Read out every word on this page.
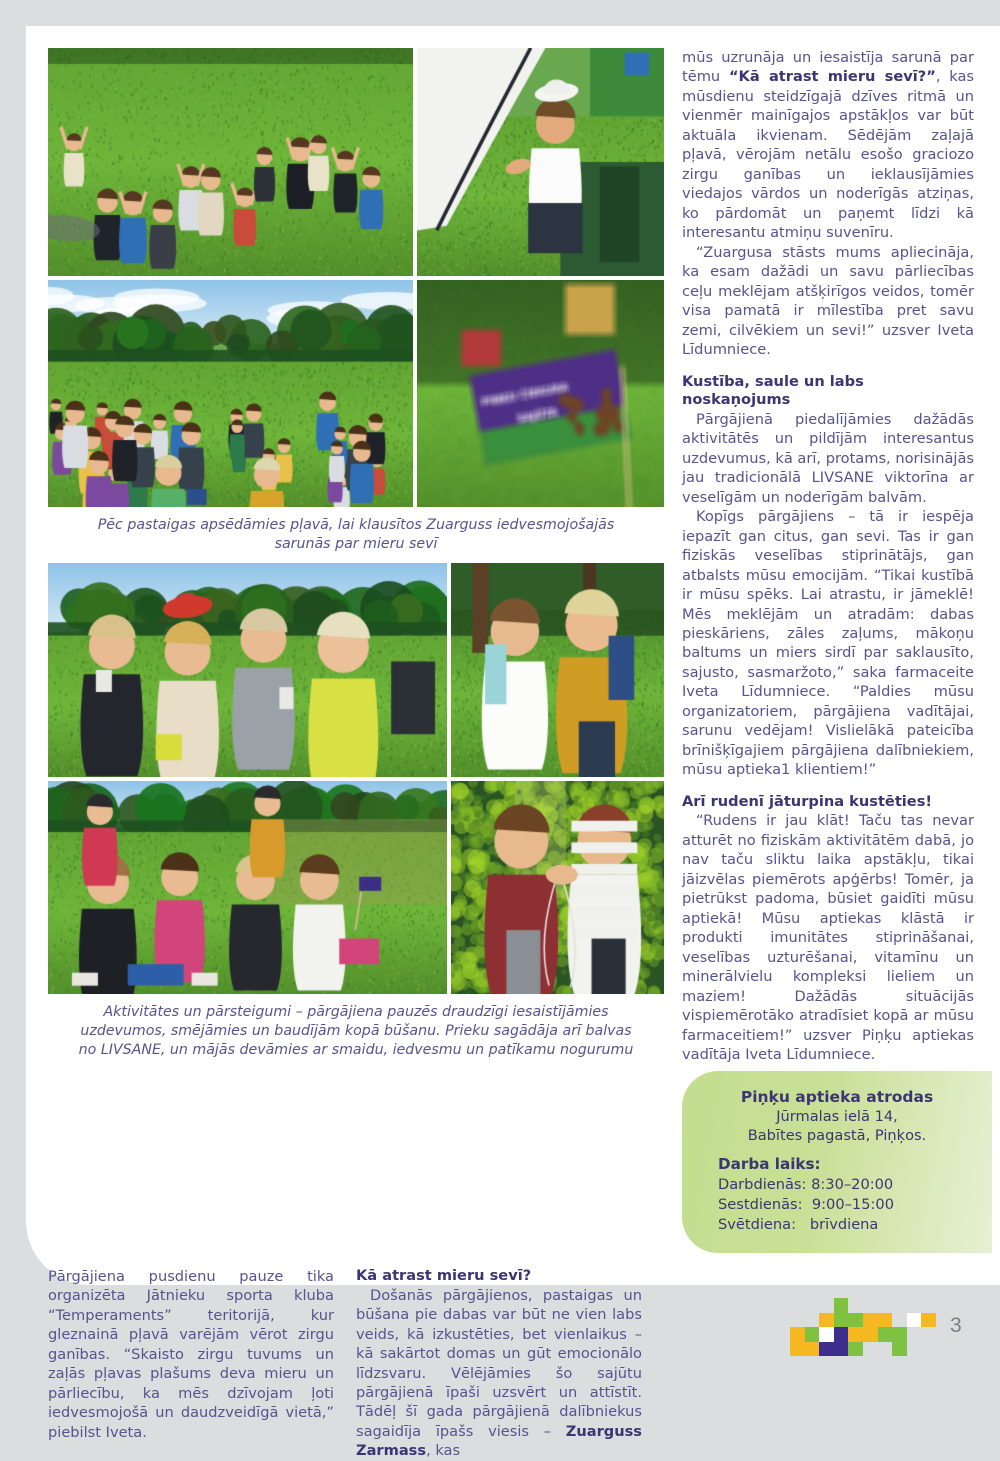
Pēc pastaigas apsēdāmies pļavā, lai klausītos Zuarguss iedvesmojošajās sarunās par mieru sevī
Aktivitātes un pārsteigumi – pārgājiena pauzēs draudzīgi iesaistījāmies uzdevumos, smējāmies un baudījām kopā būšanu. Prieku sagādāja arī balvas no LIVSANE, un mājās devāmies ar smaidu, iedvesmu un patīkamu nogurumu

mūs uzrunāja un iesaistīja sarunā par tēmu “Kā atrast mieru sevī?”, kas mūsdienu steidzīgajā dzīves ritmā un vienmēr mainīgajos apstākļos var būt aktuāla ikvienam. Sēdējām zaļajā pļavā, vērojām netālu esošo graciozo zirgu ganības un ieklausījāmies viedajos vārdos un noderīgās atziņas, ko pārdomāt un paņemt līdzi kā interesantu atmiņu suvenīru.

“Zuargusa stāsts mums apliecināja, ka esam dažādi un savu pārliecības ceļu meklējam atšķirīgos veidos, tomēr visa pamatā ir mīlestība pret savu zemi, cilvēkiem un sevi!” uzsver Iveta Līdumniece.

Kustība, saule un labs noskaņojums

Pārgājienā piedalījāmies dažādās aktivitātēs un pildījām interesantus uzdevumus, kā arī, protams, norisinājās jau tradicionālā LIVSANE viktorīna ar veselīgām un noderīgām balvām.

Kopīgs pārgājiens – tā ir iespēja iepazīt gan citus, gan sevi. Tas ir gan fiziskās veselības stiprinātājs, gan atbalsts mūsu emocijām. “Tikai kustībā ir mūsu spēks. Lai atrastu, ir jāmeklē! Mēs meklējām un atradām: dabas pieskāriens, zāles zaļums, mākoņu baltums un miers sirdī par saklausīto, sajusto, sasmaržoto,” saka farmaceite Iveta Līdumniece. “Paldies mūsu organizatoriem, pārgājiena vadītājai, sarunu vedējam! Vislielākā pateicība brīnišķīgajiem pārgājiena dalībniekiem, mūsu aptieka1 klientiem!”

Arī rudenī jāturpina kustēties!

“Rudens ir jau klāt! Taču tas nevar atturēt no fiziskām aktivitātēm dabā, jo nav taču sliktu laika apstākļu, tikai jāizvēlas piemērots apģērbs! Tomēr, ja pietrūkst padoma, būsiet gaidīti mūsu aptiekā! Mūsu aptiekas klāstā ir produkti imunitātes stiprināšanai, veselības uzturēšanai, vitamīnu un minerālvielu kompleksi lieliem un maziem! Dažādās situācijās vispiemērotāko atradīsiet kopā ar mūsu farmaceitiem!” uzsver Piņķu aptiekas vadītāja Iveta Līdumniece.

Piņķu aptieka atrodas
Jūrmalas ielā 14,
Babītes pagastā, Piņķos.
Darba laiks:
Darbdienās: 8:30–20:00
Sestdienās:  9:00–15:00
Svētdiena:   brīvdiena

Pārgājiena pusdienu pauze tika organizēta Jātnieku sporta kluba “Temperaments” teritorijā, kur gleznainā pļavā varējām vērot zirgu ganības. “Skaisto zirgu tuvums un zaļās pļavas plašums deva mieru un pārliecību, ka mēs dzīvojam ļoti iedvesmojošā un daudzveidīgā vietā,” piebilst Iveta.

Kā atrast mieru sevī?

Došanās pārgājienos, pastaigas un būšana pie dabas var būt ne vien labs veids, kā izkustēties, bet vienlaikus – kā sakārtot domas un gūt emocionālo līdzsvaru. Vēlējāmies šo sajūtu pārgājienā īpaši uzsvērt un attīstīt. Tādēļ šī gada pārgājienā dalībniekus sagaidīja īpašs viesis – Zuarguss Zarmass, kas

3
